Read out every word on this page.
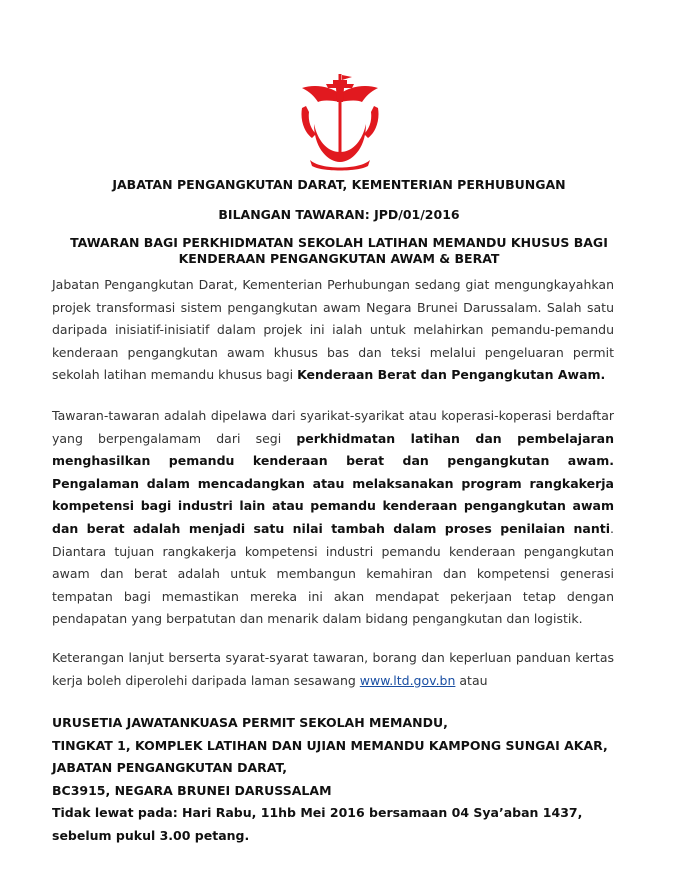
JABATAN PENGANGKUTAN DARAT, KEMENTERIAN PERHUBUNGAN
BILANGAN TAWARAN: JPD/01/2016
TAWARAN BAGI PERKHIDMATAN SEKOLAH LATIHAN MEMANDU KHUSUS BAGI
KENDERAAN PENGANGKUTAN AWAM & BERAT
Jabatan Pengangkutan Darat, Kementerian Perhubungan sedang giat mengungkayahkan projek transformasi sistem pengangkutan awam Negara Brunei Darussalam. Salah satu daripada inisiatif-inisiatif dalam projek ini ialah untuk melahirkan pemandu-pemandu kenderaan pengangkutan awam khusus bas dan teksi melalui pengeluaran permit sekolah latihan memandu khusus bagi Kenderaan Berat dan Pengangkutan Awam.
Tawaran-tawaran adalah dipelawa dari syarikat-syarikat atau koperasi-koperasi berdaftar yang berpengalamam dari segi perkhidmatan latihan dan pembelajaran menghasilkan pemandu kenderaan berat dan pengangkutan awam. Pengalaman dalam mencadangkan atau melaksanakan program rangkakerja kompetensi bagi industri lain atau pemandu kenderaan pengangkutan awam dan berat adalah menjadi satu nilai tambah dalam proses penilaian nanti. Diantara tujuan rangkakerja kompetensi industri pemandu kenderaan pengangkutan awam dan berat adalah untuk membangun kemahiran dan kompetensi generasi tempatan bagi memastikan mereka ini akan mendapat pekerjaan tetap dengan pendapatan yang berpatutan dan menarik dalam bidang pengangkutan dan logistik.
Keterangan lanjut berserta syarat-syarat tawaran, borang dan keperluan panduan kertas kerja boleh diperolehi daripada laman sesawang www.ltd.gov.bn atau
URUSETIA JAWATANKUASA PERMIT SEKOLAH MEMANDU,
TINGKAT 1, KOMPLEK LATIHAN DAN UJIAN MEMANDU KAMPONG SUNGAI AKAR,
JABATAN PENGANGKUTAN DARAT,
BC3915, NEGARA BRUNEI DARUSSALAM
Tidak lewat pada: Hari Rabu, 11hb Mei 2016 bersamaan 04 Sya’aban 1437, sebelum pukul 3.00 petang.
